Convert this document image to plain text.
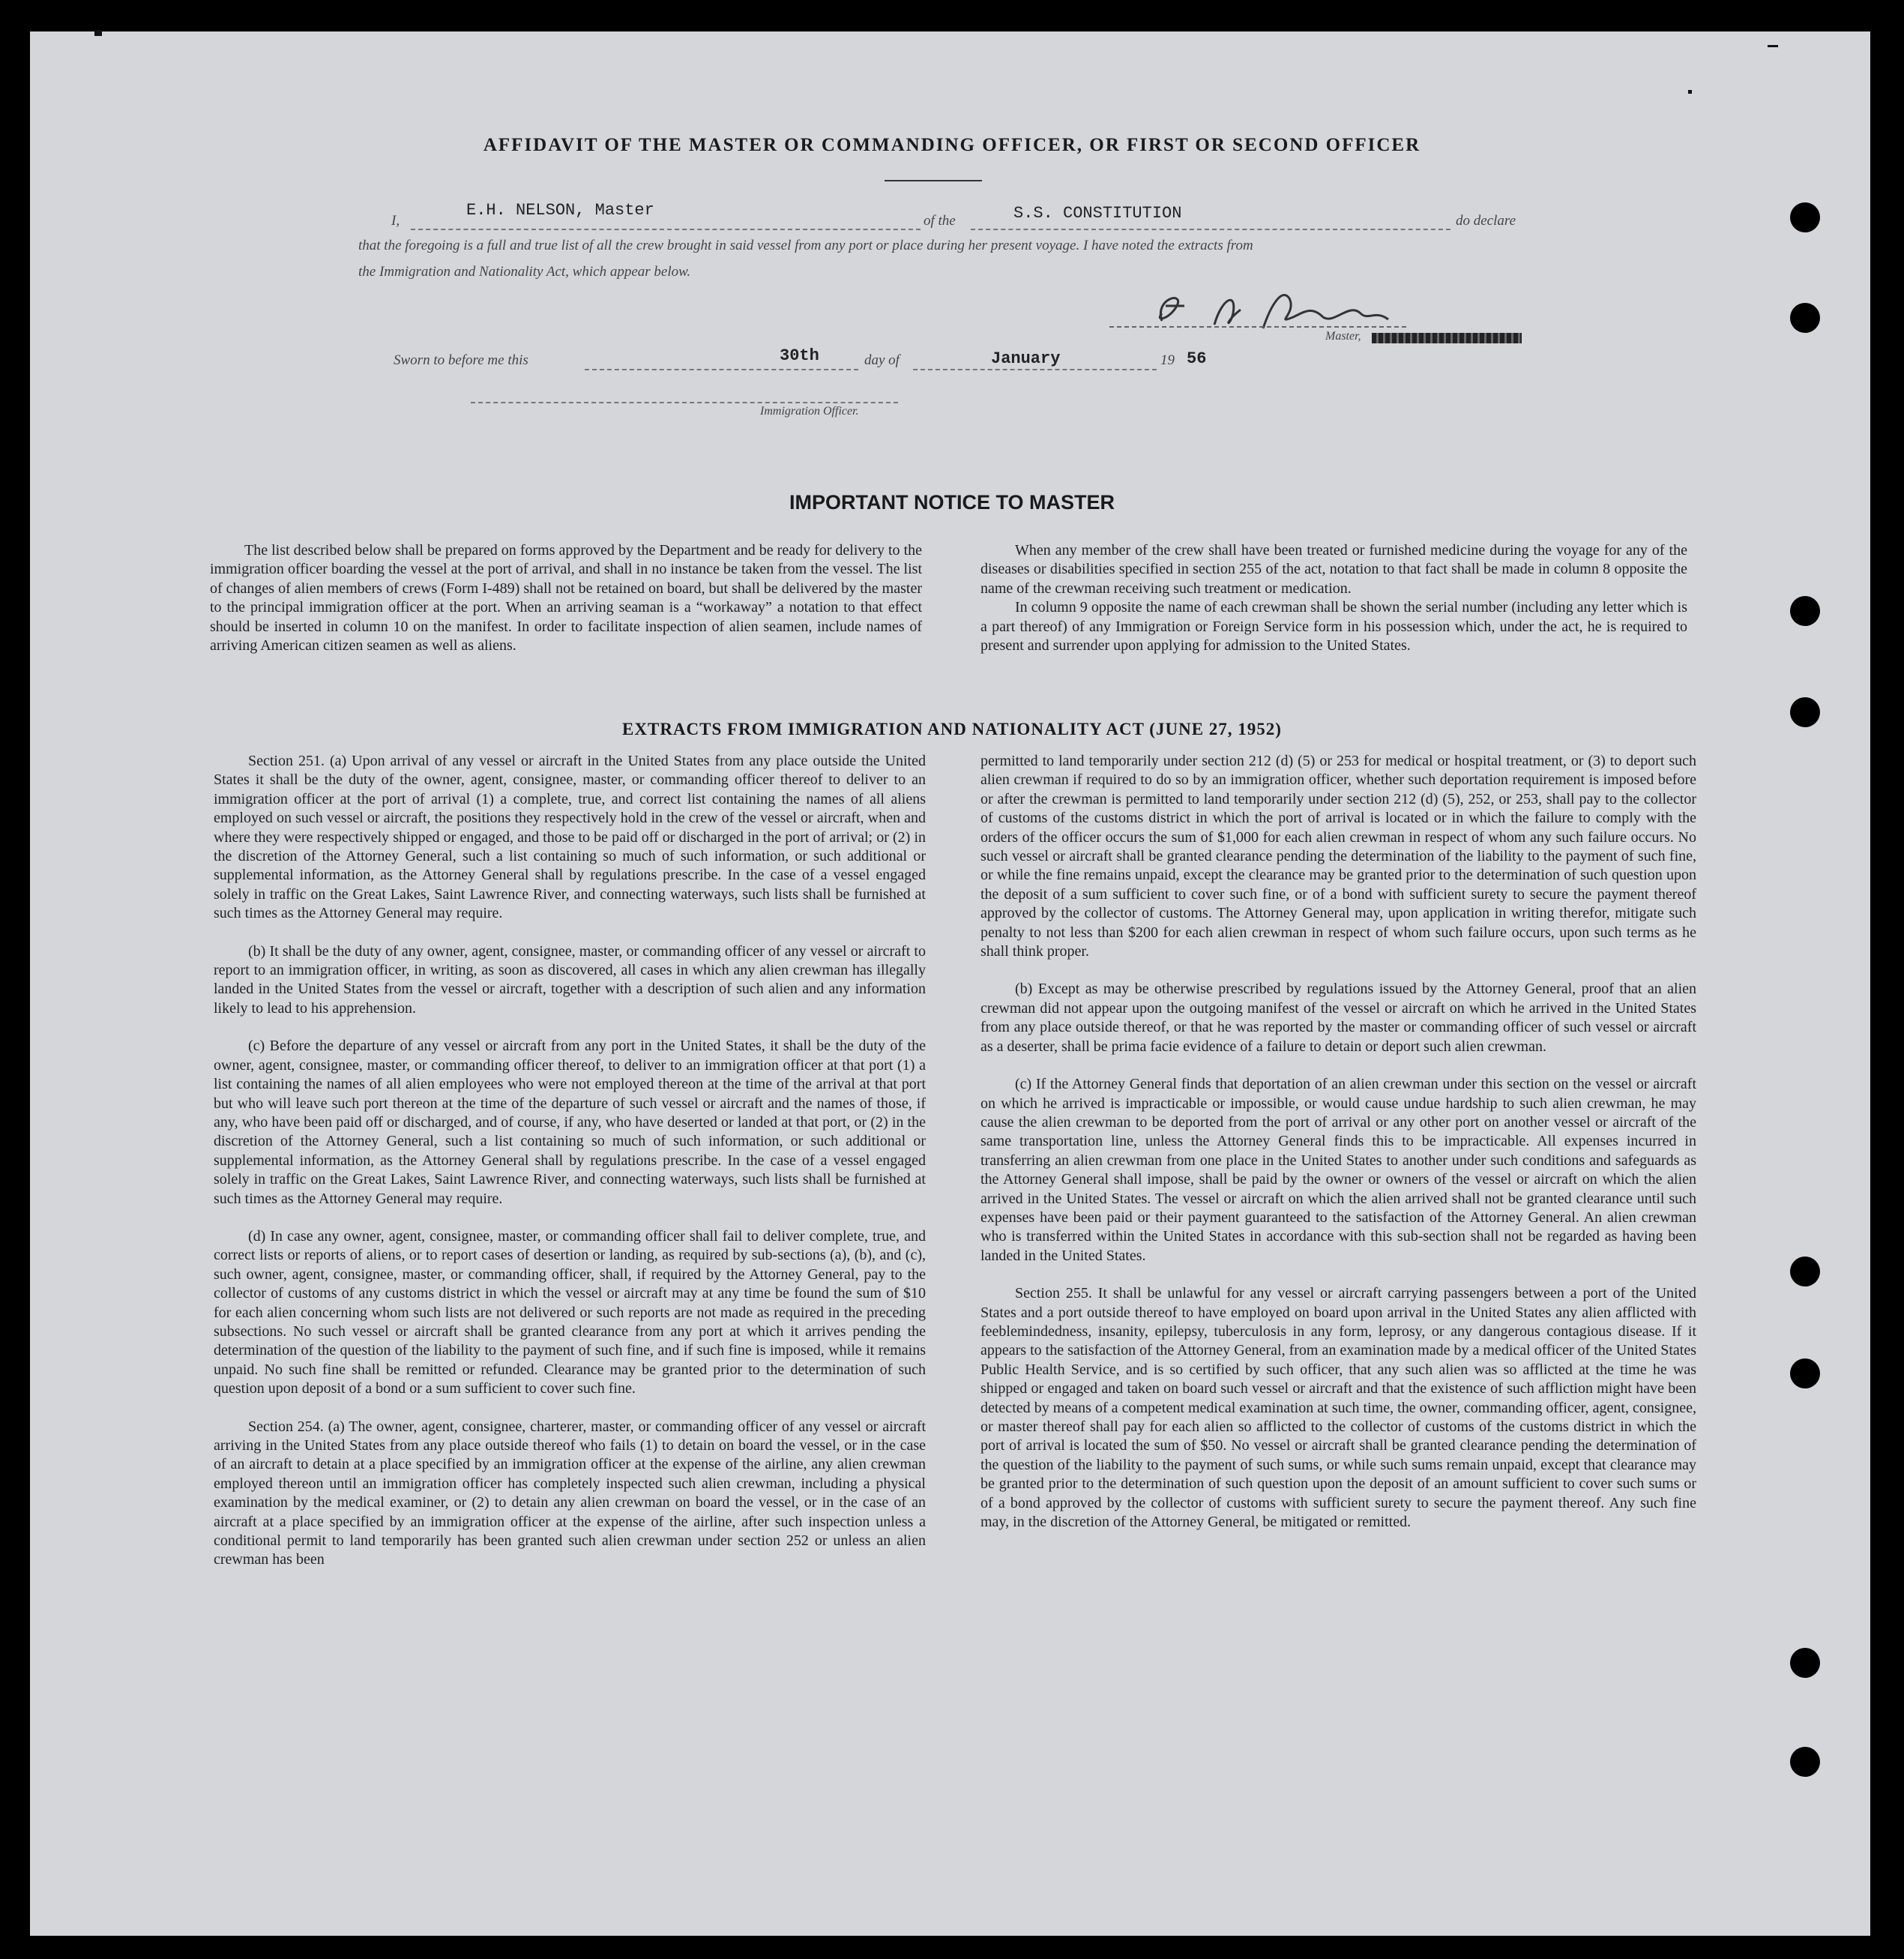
AFFIDAVIT OF THE MASTER OR COMMANDING OFFICER, OR FIRST OR SECOND OFFICER
I,
E.H. NELSON, Master
of the	S.S. CONSTITUTION	do declare
that the foregoing is a full and true list of all the crew brought in said vessel from any port or place during her present voyage. I have noted the extracts from
the Immigration and Nationality Act, which appear below.
Master,
Sworn to before me this	30th	day of	January	19 56
Immigration Officer.
IMPORTANT NOTICE TO MASTER

The list described below shall be prepared on forms approved by the Department and be ready for delivery to the immigration officer boarding the vessel at the port of arrival, and shall in no instance be taken from the vessel. The list of changes of alien members of crews (Form I-489) shall not be retained on board, but shall be delivered by the master to the principal immigration officer at the port. When an arriving seaman is a “workaway” a notation to that effect should be inserted in column 10 on the manifest. In order to facilitate inspection of alien seamen, include names of arriving American citizen seamen as well as aliens.

When any member of the crew shall have been treated or furnished medicine during the voyage for any of the diseases or disabilities specified in section 255 of the act, notation to that fact shall be made in column 8 opposite the name of the crewman receiving such treatment or medication.

In column 9 opposite the name of each crewman shall be shown the serial number (including any letter which is a part thereof) of any Immigration or Foreign Service form in his possession which, under the act, he is required to present and surrender upon applying for admission to the United States.

EXTRACTS FROM IMMIGRATION AND NATIONALITY ACT (JUNE 27, 1952)

Section 251. (a) Upon arrival of any vessel or aircraft in the United States from any place outside the United States it shall be the duty of the owner, agent, consignee, master, or commanding officer thereof to deliver to an immigration officer at the port of arrival (1) a complete, true, and correct list containing the names of all aliens employed on such vessel or aircraft, the positions they respectively hold in the crew of the vessel or aircraft, when and where they were respectively shipped or engaged, and those to be paid off or discharged in the port of arrival; or (2) in the discretion of the Attorney General, such a list containing so much of such information, or such additional or supplemental information, as the Attorney General shall by regulations prescribe. In the case of a vessel engaged solely in traffic on the Great Lakes, Saint Lawrence River, and connecting waterways, such lists shall be furnished at such times as the Attorney General may require.

(b) It shall be the duty of any owner, agent, consignee, master, or commanding officer of any vessel or aircraft to report to an immigration officer, in writing, as soon as discovered, all cases in which any alien crewman has illegally landed in the United States from the vessel or aircraft, together with a description of such alien and any information likely to lead to his apprehension.

(c) Before the departure of any vessel or aircraft from any port in the United States, it shall be the duty of the owner, agent, consignee, master, or commanding officer thereof, to deliver to an immigration officer at that port (1) a list containing the names of all alien employees who were not employed thereon at the time of the arrival at that port but who will leave such port thereon at the time of the departure of such vessel or aircraft and the names of those, if any, who have been paid off or discharged, and of course, if any, who have deserted or landed at that port, or (2) in the discretion of the Attorney General, such a list containing so much of such information, or such additional or supplemental information, as the Attorney General shall by regulations prescribe. In the case of a vessel engaged solely in traffic on the Great Lakes, Saint Lawrence River, and connecting waterways, such lists shall be furnished at such times as the Attorney General may require.

(d) In case any owner, agent, consignee, master, or commanding officer shall fail to deliver complete, true, and correct lists or reports of aliens, or to report cases of desertion or landing, as required by sub-sections (a), (b), and (c), such owner, agent, consignee, master, or commanding officer, shall, if required by the Attorney General, pay to the collector of customs of any customs district in which the vessel or aircraft may at any time be found the sum of $10 for each alien concerning whom such lists are not delivered or such reports are not made as required in the preceding subsections. No such vessel or aircraft shall be granted clearance from any port at which it arrives pending the determination of the question of the liability to the payment of such fine, and if such fine is imposed, while it remains unpaid. No such fine shall be remitted or refunded. Clearance may be granted prior to the determination of such question upon deposit of a bond or a sum sufficient to cover such fine.

Section 254. (a) The owner, agent, consignee, charterer, master, or commanding officer of any vessel or aircraft arriving in the United States from any place outside thereof who fails (1) to detain on board the vessel, or in the case of an aircraft to detain at a place specified by an immigration officer at the expense of the airline, any alien crewman employed thereon until an immigration officer has completely inspected such alien crewman, including a physical examination by the medical examiner, or (2) to detain any alien crewman on board the vessel, or in the case of an aircraft at a place specified by an immigration officer at the expense of the airline, after such inspection unless a conditional permit to land temporarily has been granted such alien crewman under section 252 or unless an alien crewman has been

permitted to land temporarily under section 212 (d) (5) or 253 for medical or hospital treatment, or (3) to deport such alien crewman if required to do so by an immigration officer, whether such deportation requirement is imposed before or after the crewman is permitted to land temporarily under section 212 (d) (5), 252, or 253, shall pay to the collector of customs of the customs district in which the port of arrival is located or in which the failure to comply with the orders of the officer occurs the sum of $1,000 for each alien crewman in respect of whom any such failure occurs. No such vessel or aircraft shall be granted clearance pending the determination of the liability to the payment of such fine, or while the fine remains unpaid, except the clearance may be granted prior to the determination of such question upon the deposit of a sum sufficient to cover such fine, or of a bond with sufficient surety to secure the payment thereof approved by the collector of customs. The Attorney General may, upon application in writing therefor, mitigate such penalty to not less than $200 for each alien crewman in respect of whom such failure occurs, upon such terms as he shall think proper.

(b) Except as may be otherwise prescribed by regulations issued by the Attorney General, proof that an alien crewman did not appear upon the outgoing manifest of the vessel or aircraft on which he arrived in the United States from any place outside thereof, or that he was reported by the master or commanding officer of such vessel or aircraft as a deserter, shall be prima facie evidence of a failure to detain or deport such alien crewman.

(c) If the Attorney General finds that deportation of an alien crewman under this section on the vessel or aircraft on which he arrived is impracticable or impossible, or would cause undue hardship to such alien crewman, he may cause the alien crewman to be deported from the port of arrival or any other port on another vessel or aircraft of the same transportation line, unless the Attorney General finds this to be impracticable. All expenses incurred in transferring an alien crewman from one place in the United States to another under such conditions and safeguards as the Attorney General shall impose, shall be paid by the owner or owners of the vessel or aircraft on which the alien arrived in the United States. The vessel or aircraft on which the alien arrived shall not be granted clearance until such expenses have been paid or their payment guaranteed to the satisfaction of the Attorney General. An alien crewman who is transferred within the United States in accordance with this sub-section shall not be regarded as having been landed in the United States.

Section 255. It shall be unlawful for any vessel or aircraft carrying passengers between a port of the United States and a port outside thereof to have employed on board upon arrival in the United States any alien afflicted with feeblemindedness, insanity, epilepsy, tuberculosis in any form, leprosy, or any dangerous contagious disease. If it appears to the satisfaction of the Attorney General, from an examination made by a medical officer of the United States Public Health Service, and is so certified by such officer, that any such alien was so afflicted at the time he was shipped or engaged and taken on board such vessel or aircraft and that the existence of such affliction might have been detected by means of a competent medical examination at such time, the owner, commanding officer, agent, consignee, or master thereof shall pay for each alien so afflicted to the collector of customs of the customs district in which the port of arrival is located the sum of $50. No vessel or aircraft shall be granted clearance pending the determination of the question of the liability to the payment of such sums, or while such sums remain unpaid, except that clearance may be granted prior to the determination of such question upon the deposit of an amount sufficient to cover such sums or of a bond approved by the collector of customs with sufficient surety to secure the payment thereof. Any such fine may, in the discretion of the Attorney General, be mitigated or remitted.
